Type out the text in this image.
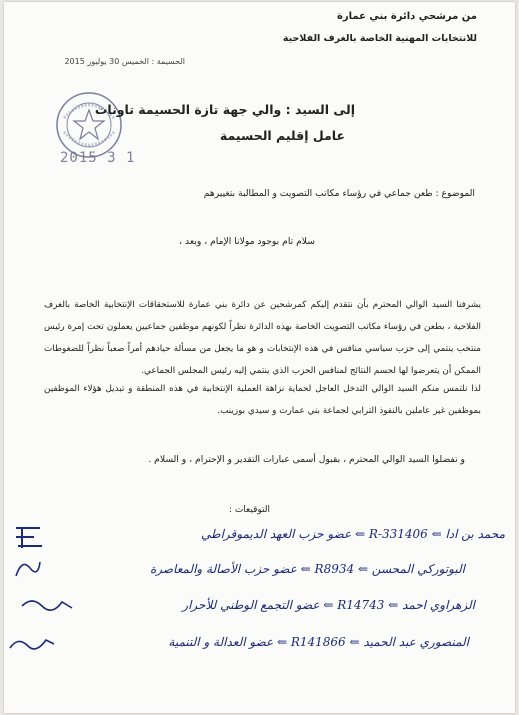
من مرشحي دائرة بني عمارة
للانتخابات المهنية الخاصة بالغرف الفلاحية
الحسيمة : الخميس 30 يوليوز 2015
2015 3 1
إلى السيد : والي جهة تازة الحسيمة تاونات
عامل إقليم الحسيمة
الموضوع : طعن جماعي في رؤساء مكاتب التصويت و المطالبة بتغييرهم
سلام تام بوجود مولانا الإمام ، وبعد ،
يشرفنا السيد الوالي المحترم بأن نتقدم إليكم كمرشحين عن دائرة بني عمارة للاستحقاقات الإنتخابية الخاصة بالغرف الفلاحية ، بطعن في رؤساء مكاتب التصويت الخاصة بهذه الدائرة نظراً لكونهم موظفين جماعيين يعملون تحت إمرة رئيس منتخب ينتمي إلى حزب سياسي منافس في هذه الإنتخابات و هو ما يجعل من مسألة حيادهم أمراً صعباً نظراً للضغوطات الممكن أن يتعرضوا لها لحسم النتائج لمنافس الحزب الذي ينتمي إليه رئيس المجلس الجماعي.
لذا نلتمس منكم السيد الوالي التدخل العاجل لحماية نزاهة العملية الإنتخابية في هذه المنطقة و تبديل هؤلاء الموظفين بموظفين غير عاملين بالنفوذ الترابي لجماعة بني عمارت و سيدي بوزينب.
و تفضلوا السيد الوالي المحترم ، بقبول أسمى عبارات التقدير و الإحترام ، و السلام .
التوقيعات :
محمد بن ادا ⇐ R-331406 ⇐ عضو حزب العهد الديموقراطي
البوتوركي المحسن ⇐ R8934 ⇐ عضو حزب الأصالة والمعاصرة
الزهراوي احمد ⇐ R14743 ⇐ عضو التجمع الوطني للأحرار
المنصوري عبد الحميد ⇐ R141866 ⇐ عضو العدالة و التنمية
